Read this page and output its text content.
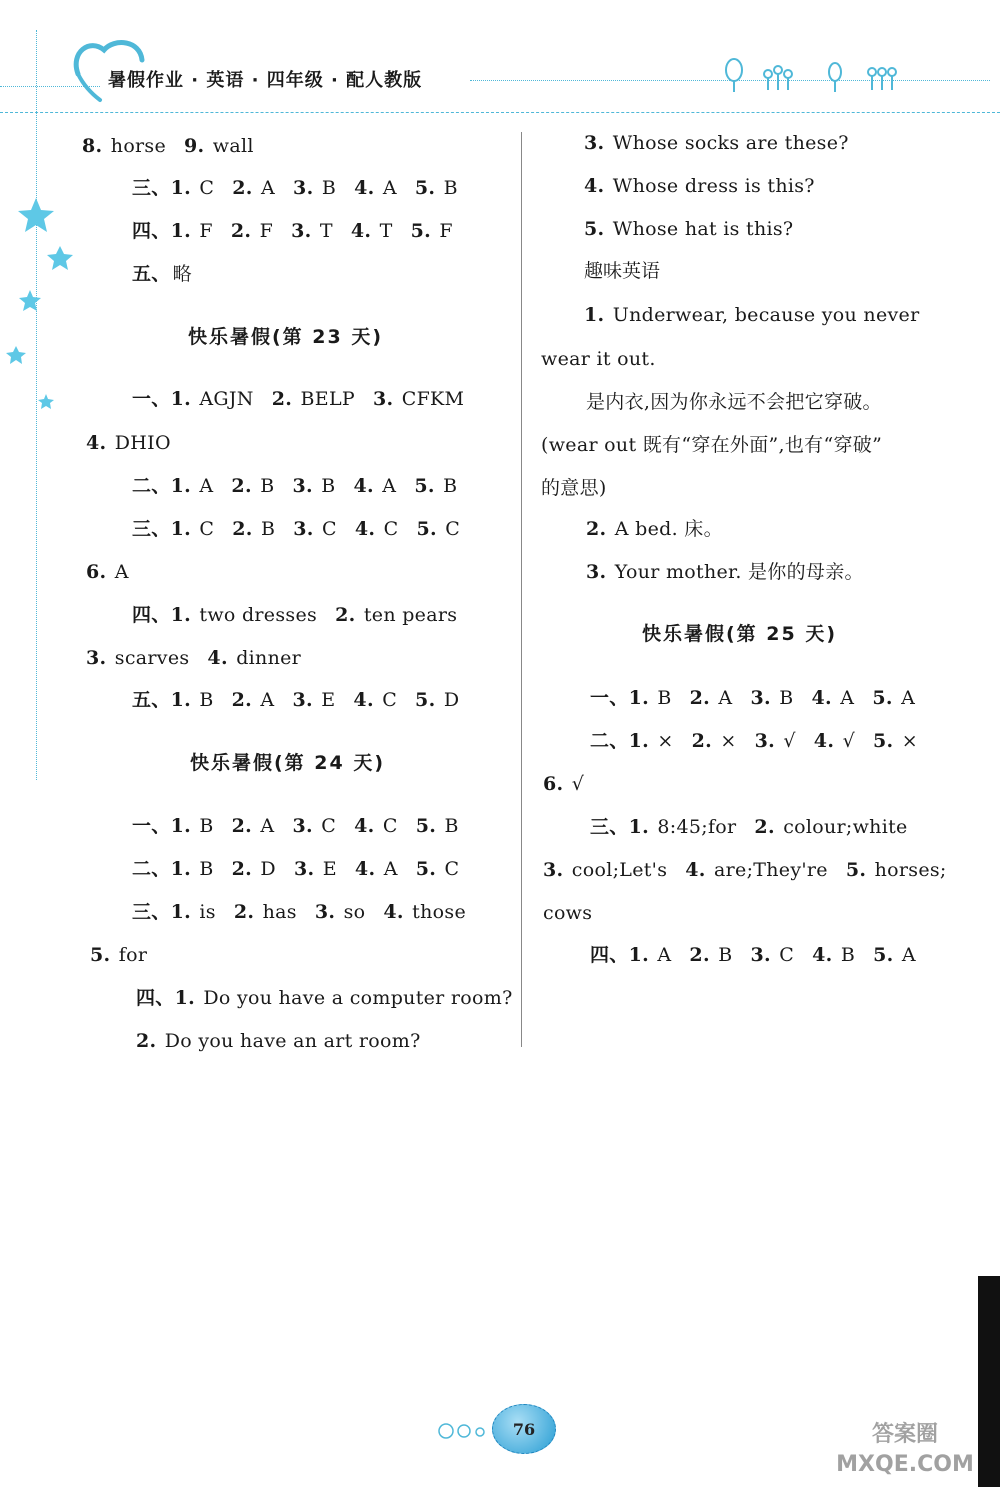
暑假作业 · 英语 · 四年级 · 配人教版
8. horse 9. wall
三、1. C 2. A 3. B 4. A 5. B
四、1. F 2. F 3. T 4. T 5. F
五、 略
一、1. AGJN 2. BELP 3. CFKM
4. DHIO
二、1. A 2. B 3. B 4. A 5. B
三、1. C 2. B 3. C 4. C 5. C
6. A
四、1. two dresses 2. ten pears
3. scarves 4. dinner
五、1. B 2. A 3. E 4. C 5. D
一、1. B 2. A 3. C 4. C 5. B
二、1. B 2. D 3. E 4. A 5. C
三、1. is 2. has 3. so 4. those
5. for
四、1. Do you have a computer room?
2. Do you have an art room?
快乐暑假(第 23 天)
快乐暑假(第 24 天)
3. Whose socks are these?
4. Whose dress is this?
5. Whose hat is this?
1. Underwear, because you never
wear it out.
是内衣,因为你永远不会把它穿破。
(wear out 既有“穿在外面”,也有“穿破”
的意思)
2. A bed. 床。
3. Your mother. 是你的母亲。
一、1. B 2. A 3. B 4. A 5. A
二、1. × 2. × 3. √ 4. √ 5. ×
6. √
三、1. 8:45;for 2. colour;white
3. cool;Let's 4. are;They're 5. horses;
cows
四、1. A 2. B 3. C 4. B 5. A
快乐暑假(第 25 天)
趣味英语
76	答案圈 MXQE.COM
